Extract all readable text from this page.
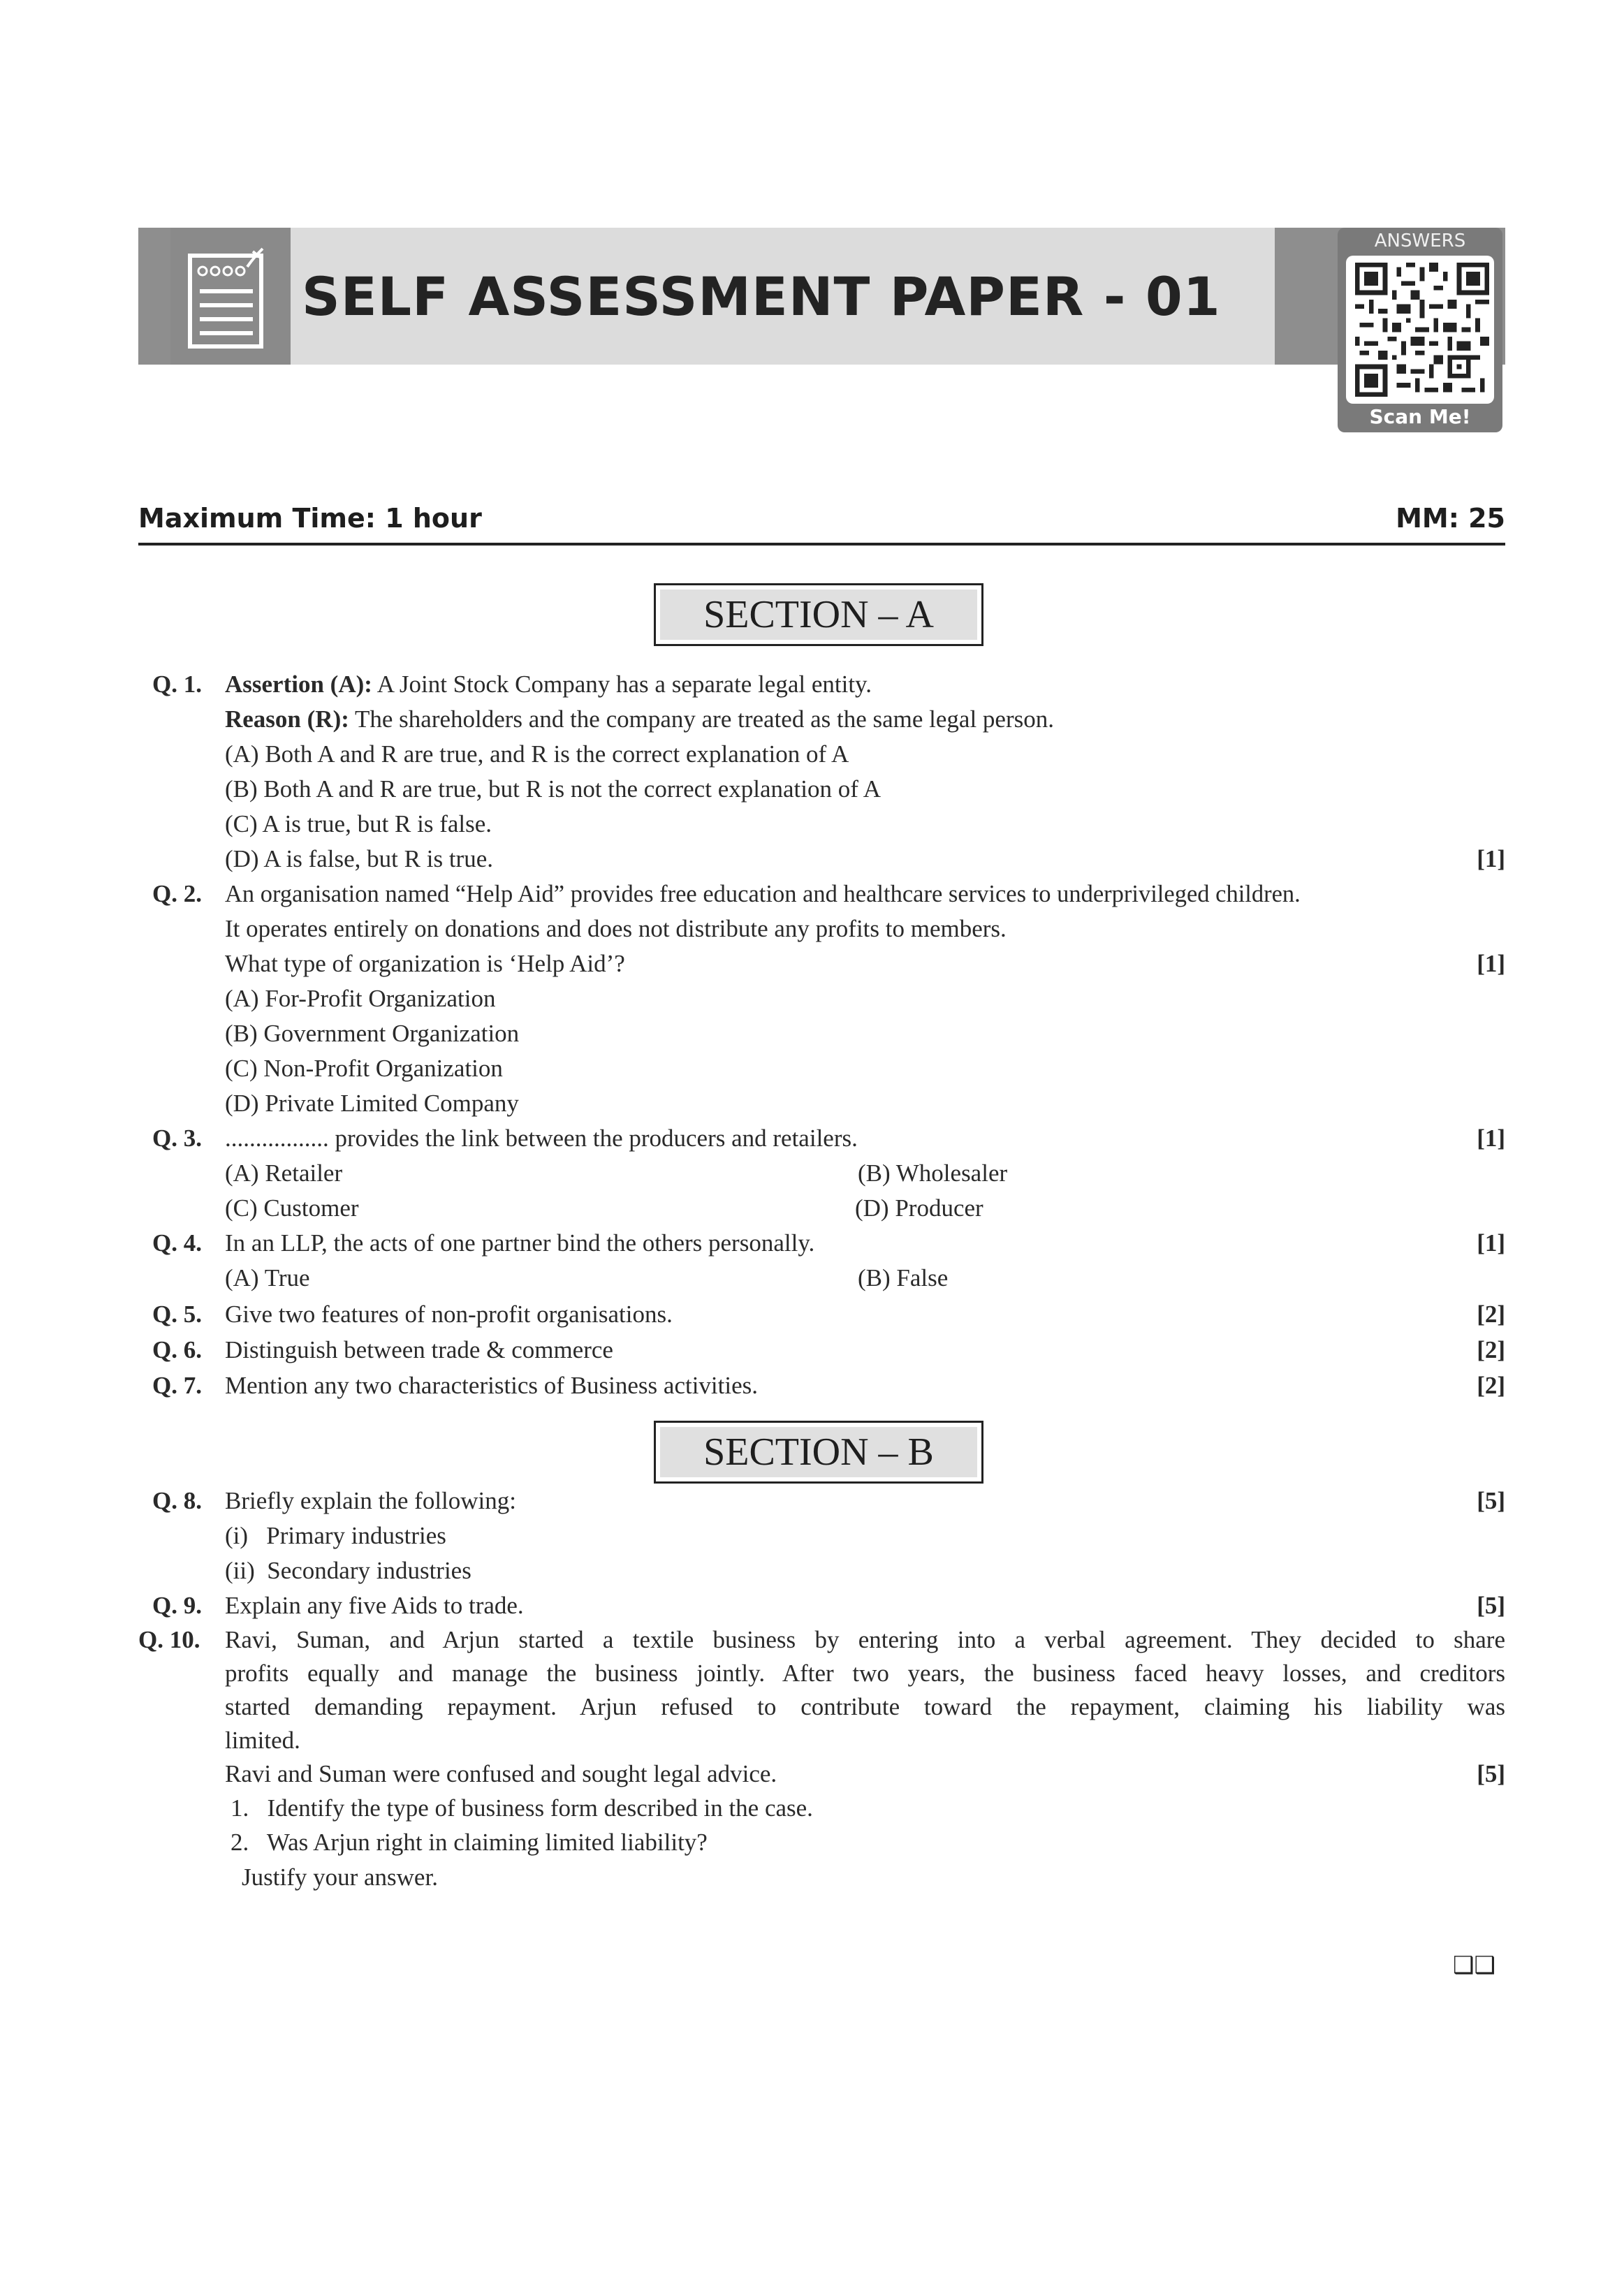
SELF ASSESSMENT PAPER - 01
ANSWERS
Scan Me!
Maximum Time: 1 hour	MM: 25
SECTION – A
Q. 1. Assertion (A): A Joint Stock Company has a separate legal entity.
Reason (R): The shareholders and the company are treated as the same legal person.
(A) Both A and R are true, and R is the correct explanation of A
(B) Both A and R are true, but R is not the correct explanation of A
(C) A is true, but R is false.
(D) A is false, but R is true.	[1]
Q. 2. An organisation named “Help Aid” provides free education and healthcare services to underprivileged children.
It operates entirely on donations and does not distribute any profits to members.
What type of organization is ‘Help Aid’?	[1]
(A) For-Profit Organization
(B) Government Organization
(C) Non-Profit Organization
(D) Private Limited Company
Q. 3. ................. provides the link between the producers and retailers.	[1]
(A) Retailer	(B) Wholesaler
(C) Customer	(D) Producer
Q. 4. In an LLP, the acts of one partner bind the others personally.	[1]
(A) True	(B) False
Q. 5. Give two features of non-profit organisations.	[2]
Q. 6. Distinguish between trade & commerce	[2]
Q. 7. Mention any two characteristics of Business activities.	[2]
SECTION – B
Q. 8. Briefly explain the following:	[5]
(i)   Primary industries
(ii)  Secondary industries
Q. 9. Explain any five Aids to trade.	[5]
Q. 10. Ravi, Suman, and Arjun started a textile business by entering into a verbal agreement. They decided to share
profits equally and manage the business jointly. After two years, the business faced heavy losses, and creditors
started demanding repayment. Arjun refused to contribute toward the repayment, claiming his liability was
limited.
Ravi and Suman were confused and sought legal advice.	[5]
1.   Identify the type of business form described in the case.
2.   Was Arjun right in claiming limited liability?
Justify your answer.
❑❑
